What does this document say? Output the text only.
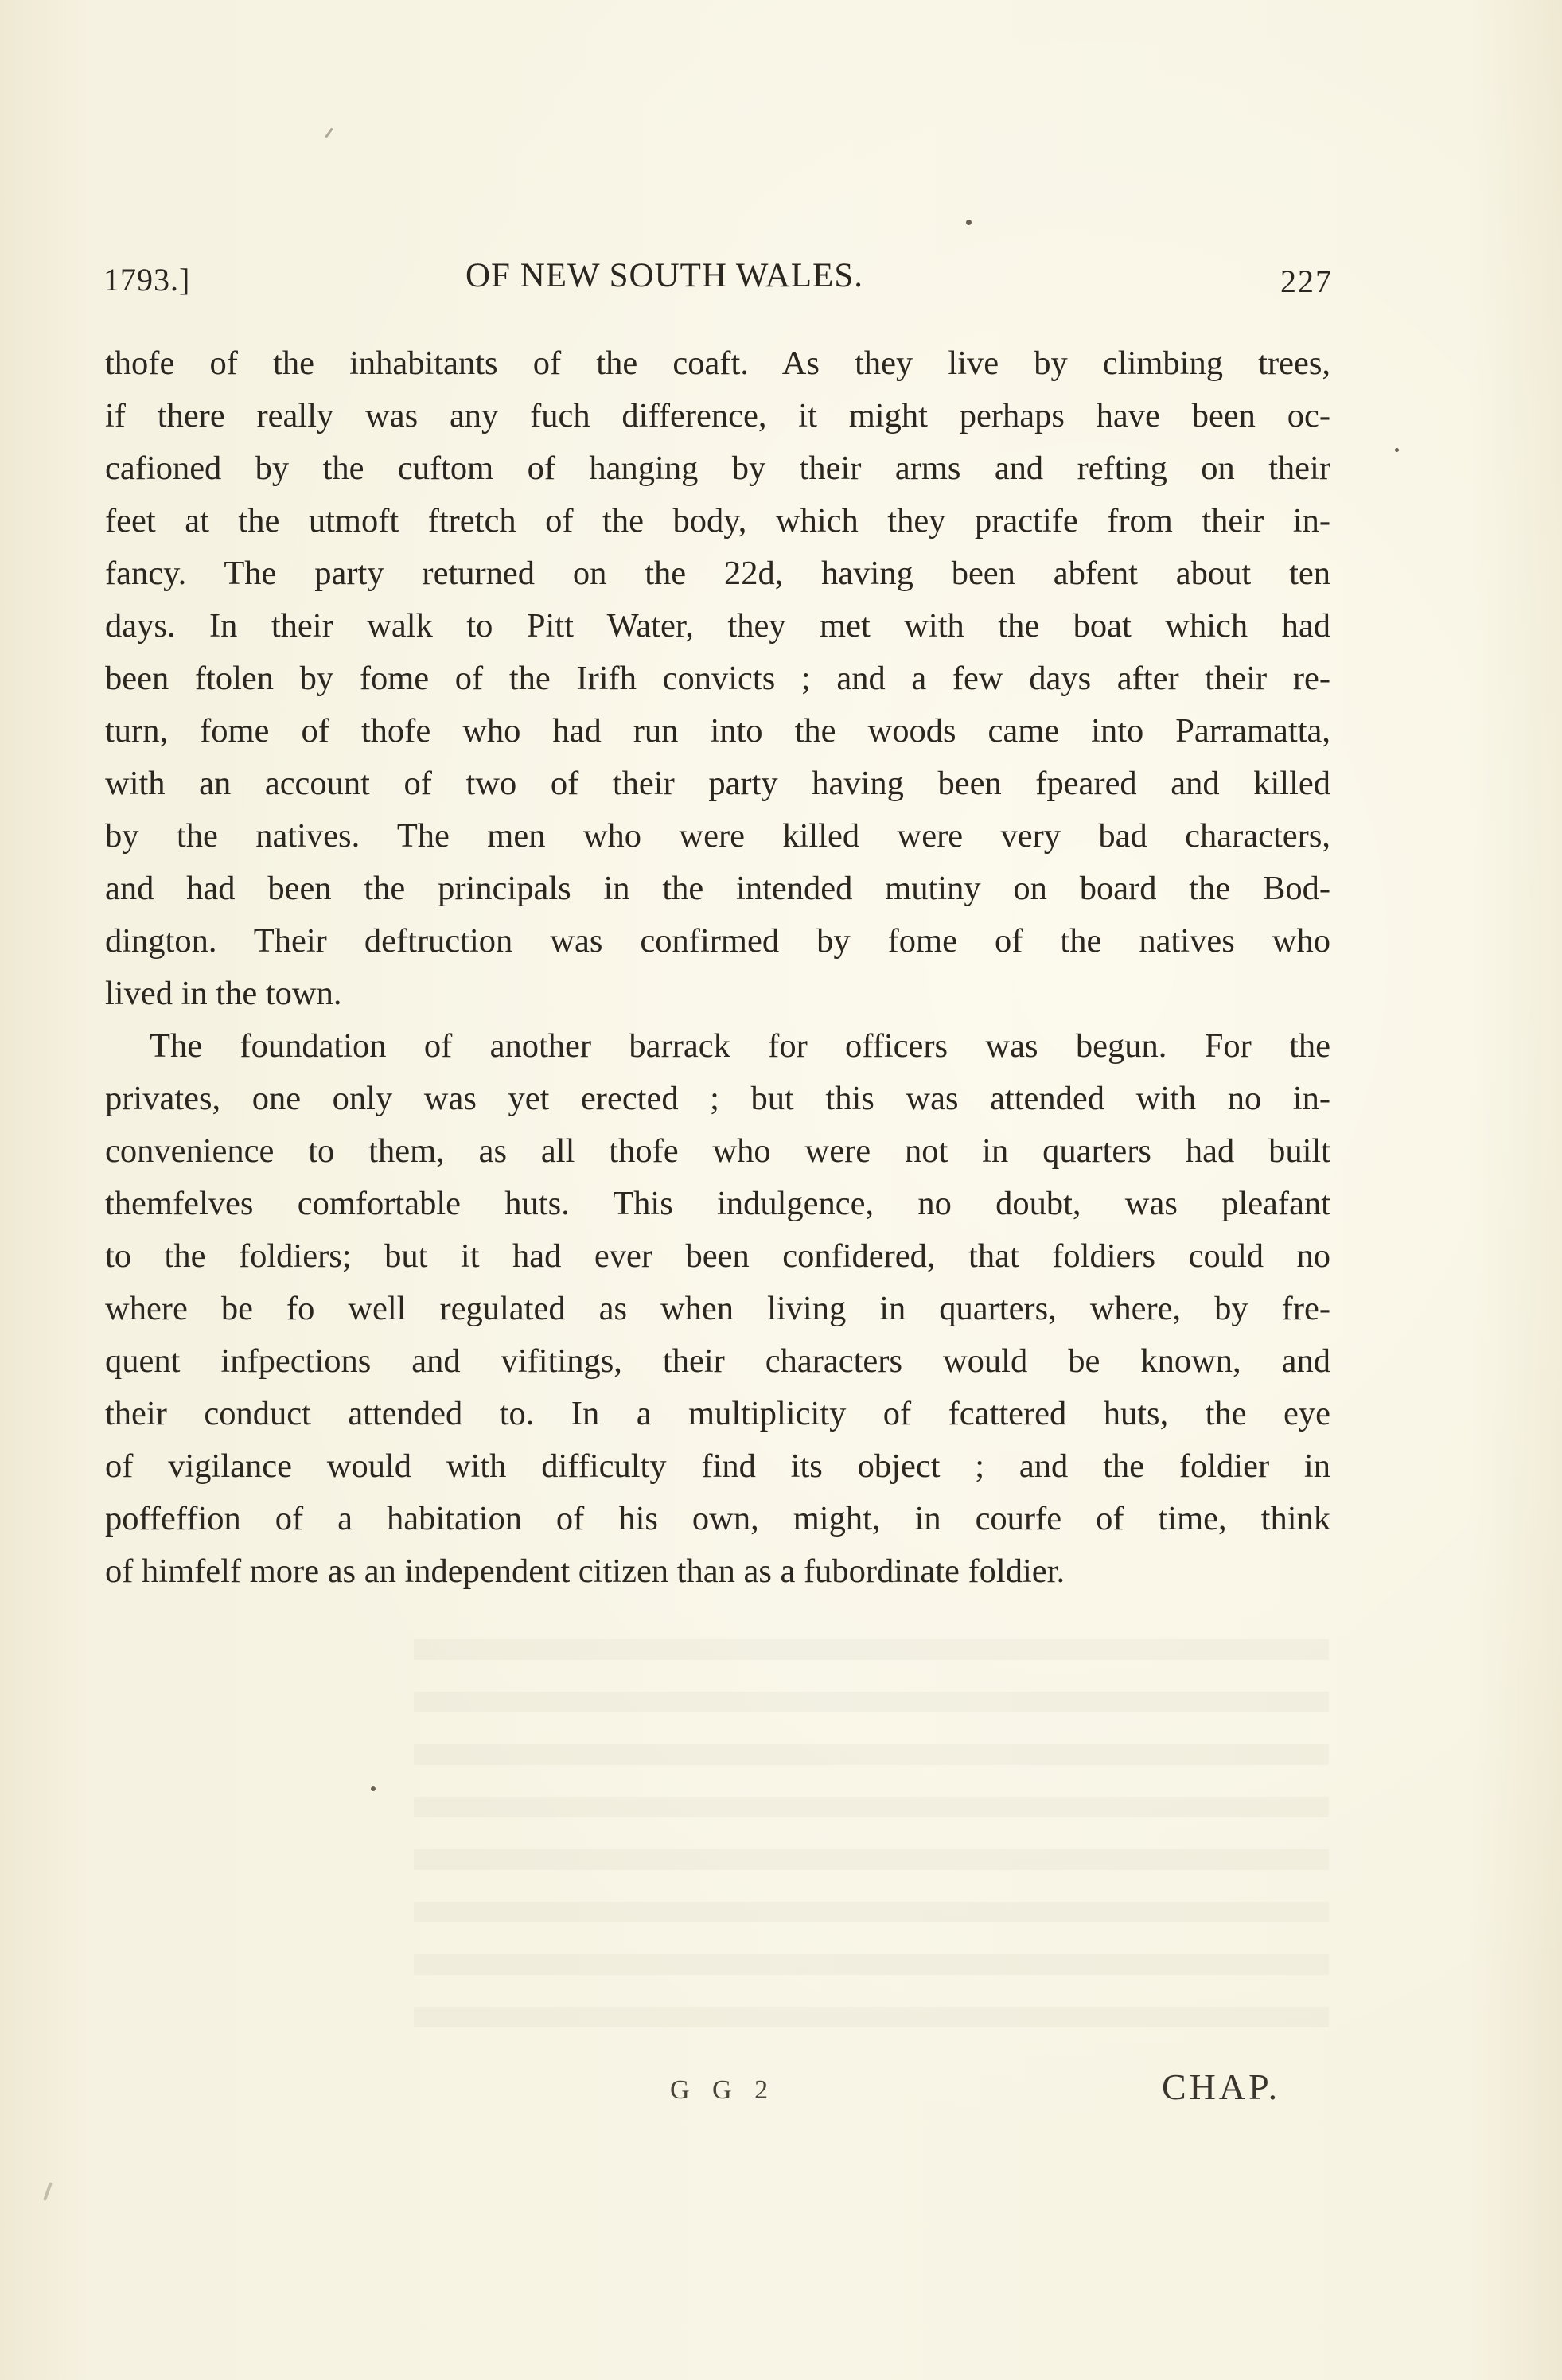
1793.]	OF NEW SOUTH WALES.	227
thofe of the inhabitants of the coaft. As they live by climbing trees,
if there really was any fuch difference, it might perhaps have been oc-
cafioned by the cuftom of hanging by their arms and refting on their
feet at the utmoft ftretch of the body, which they practife from their in-
fancy. The party returned on the 22d, having been abfent about ten
days. In their walk to Pitt Water, they met with the boat which had
been ftolen by fome of the Irifh convicts ; and a few days after their re-
turn, fome of thofe who had run into the woods came into Parramatta,
with an account of two of their party having been fpeared and killed
by the natives. The men who were killed were very bad characters,
and had been the principals in the intended mutiny on board the Bod-
dington. Their deftruction was confirmed by fome of the natives who
lived in the town.
The foundation of another barrack for officers was begun. For the
privates, one only was yet erected ; but this was attended with no in-
convenience to them, as all thofe who were not in quarters had built
themfelves comfortable huts. This indulgence, no doubt, was pleafant
to the foldiers; but it had ever been confidered, that foldiers could no
where be fo well regulated as when living in quarters, where, by fre-
quent infpections and vifitings, their characters would be known, and
their conduct attended to. In a multiplicity of fcattered huts, the eye
of vigilance would with difficulty find its object ; and the foldier in
poffeffion of a habitation of his own, might, in courfe of time, think
of himfelf more as an independent citizen than as a fubordinate foldier.
G G 2	CHAP.
